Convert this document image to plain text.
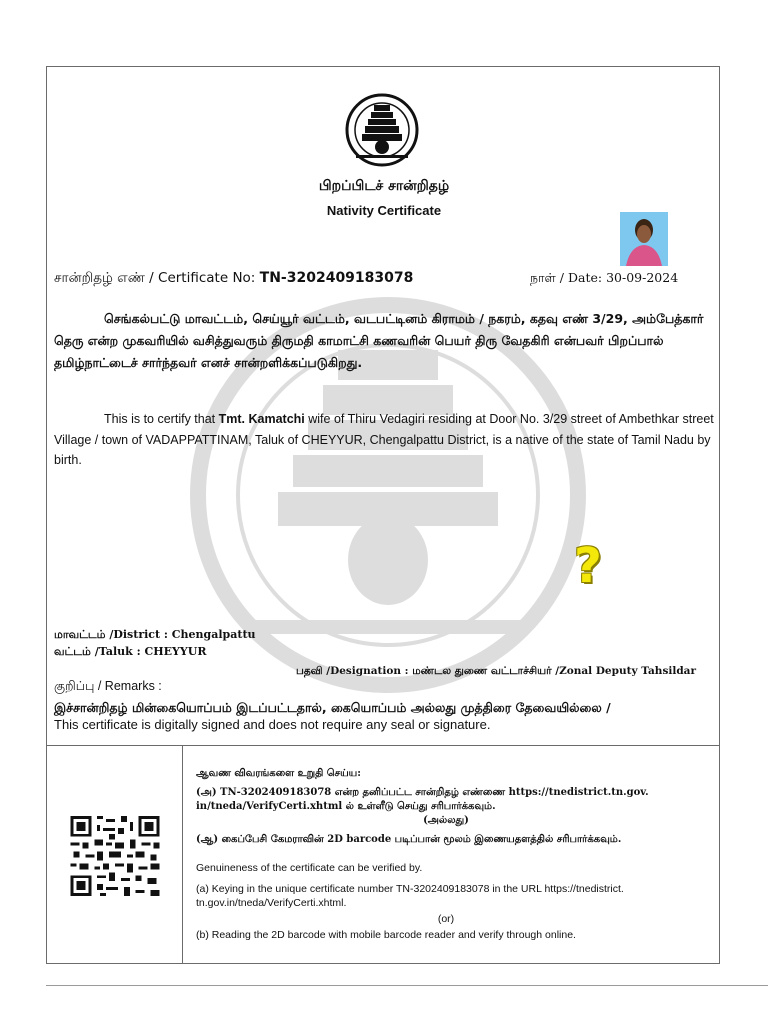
பிறப்பிடச் சான்றிதழ்
Nativity Certificate
சான்றிதழ் எண் / Certificate No: TN-3202409183078	நாள் / Date: 30-09-2024
செங்கல்பட்டு மாவட்டம், செய்யூர் வட்டம், வடபட்டினம் கிராமம் / நகரம், கதவு எண் 3/29, அம்பேத்கார் தெரு என்ற முகவரியில் வசித்துவரும் திருமதி காமாட்சி கணவரின் பெயர் திரு வேதகிரி என்பவர் பிறப்பால் தமிழ்நாட்டைச் சார்ந்தவர் எனச் சான்றளிக்கப்படுகிறது.
This is to certify that Tmt. Kamatchi wife of Thiru Vedagiri residing at Door No. 3/29 street of Ambethkar street Village / town of VADAPPATTINAM, Taluk of CHEYYUR, Chengalpattu District, is a native of the state of Tamil Nadu by birth.
?
மாவட்டம் /District : Chengalpattu
வட்டம் /Taluk : CHEYYUR
பதவி /Designation : மண்டல துணை வட்டாச்சியர் /Zonal Deputy Tahsildar
குறிப்பு / Remarks :
இச்சான்றிதழ் மின்கையொப்பம் இடப்பட்டதால், கையொப்பம் அல்லது முத்திரை தேவையில்லை /
This certificate is digitally signed and does not require any seal or signature.
ஆவண விவரங்களை உறுதி செய்ய:
(அ) TN-3202409183078 என்ற தனிப்பட்ட சான்றிதழ் எண்ணை https://tnedistrict.tn.gov.
in/tneda/VerifyCerti.xhtml ல் உள்ளீடு செய்து சரிபார்க்கவும்.
(அல்லது)
(ஆ) கைப்பேசி கேமராவின் 2D barcode படிப்பான் மூலம் இணையதளத்தில் சரிபார்க்கவும்.
Genuineness of the certificate can be verified by.
(a) Keying in the unique certificate number TN-3202409183078 in the URL https://tnedistrict.
tn.gov.in/tneda/VerifyCerti.xhtml.
(or)
(b) Reading the 2D barcode with mobile barcode reader and verify through online.
